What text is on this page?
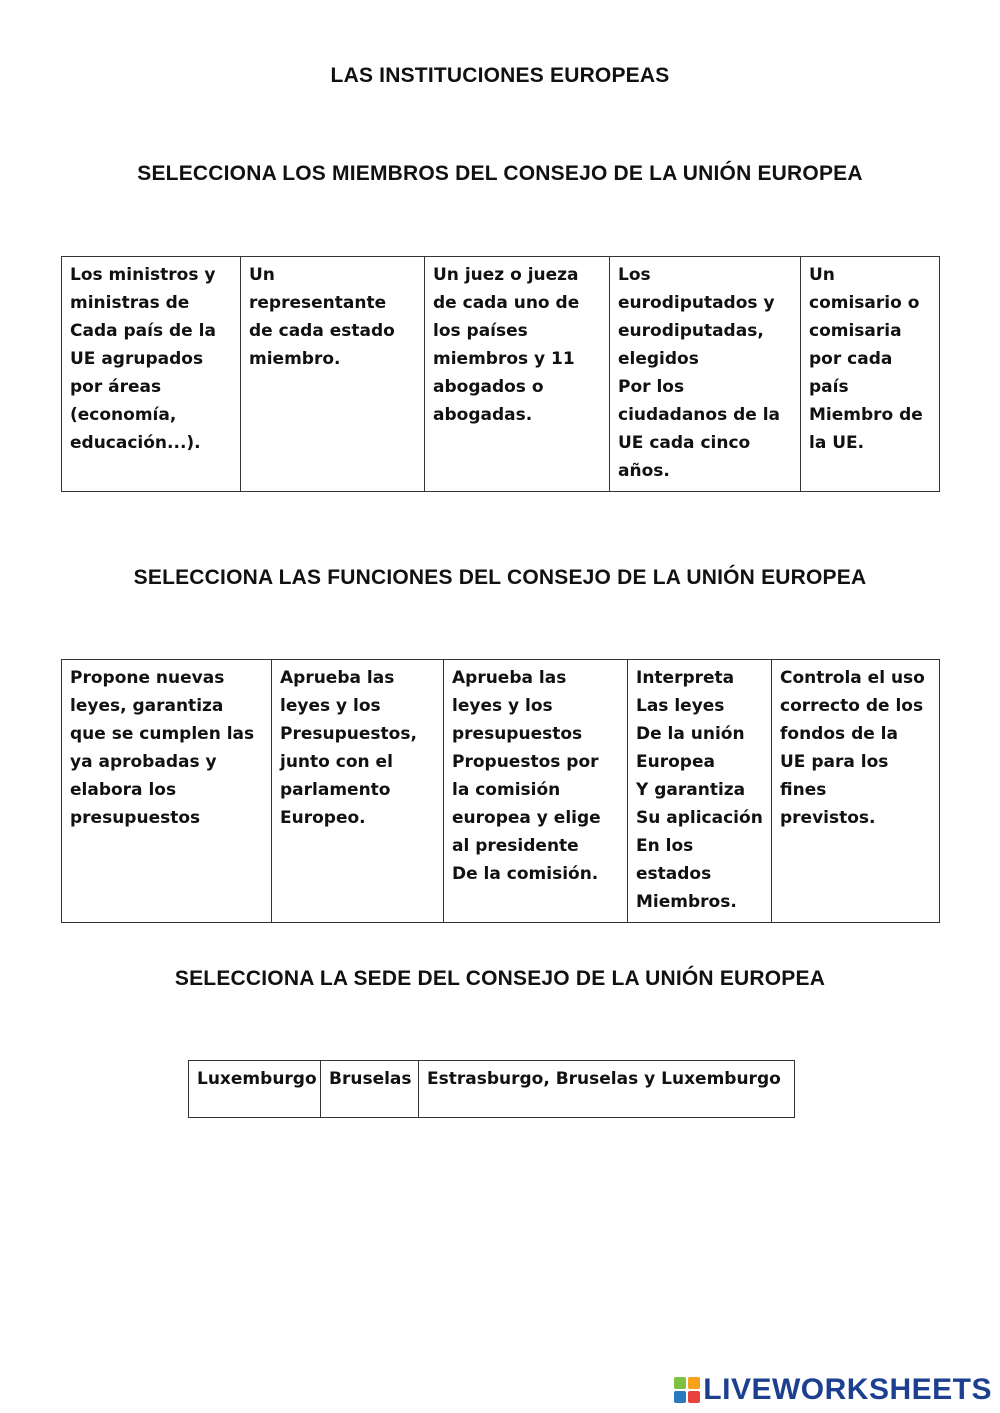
LAS INSTITUCIONES EUROPEAS
SELECCIONA LOS MIEMBROS DEL CONSEJO DE LA UNIÓN EUROPEA
Los ministros y
ministras de
Cada país de la
UE agrupados
por áreas
(economía,
educación...).	Un
representante
de cada estado
miembro.	Un juez o jueza
de cada uno de
los países
miembros y 11
abogados o
abogadas.	Los
eurodiputados y
eurodiputadas,
elegidos
Por los
ciudadanos de la
UE cada cinco
años.	Un
comisario o
comisaria
por cada
país
Miembro de
la UE.
SELECCIONA LAS FUNCIONES DEL CONSEJO DE LA UNIÓN EUROPEA
Propone nuevas
leyes, garantiza
que se cumplen las
ya aprobadas y
elabora los
presupuestos	Aprueba las
leyes y los
Presupuestos,
junto con el
parlamento
Europeo.	Aprueba las
leyes y los
presupuestos
Propuestos por
la comisión
europea y elige
al presidente
De la comisión.	Interpreta
Las leyes
De la unión
Europea
Y garantiza
Su aplicación
En los
estados
Miembros.	Controla el uso
correcto de los
fondos de la
UE para los
fines
previstos.
SELECCIONA LA SEDE DEL CONSEJO DE LA UNIÓN EUROPEA
Luxemburgo	Bruselas	Estrasburgo, Bruselas y Luxemburgo
LIVEWORKSHEETS
